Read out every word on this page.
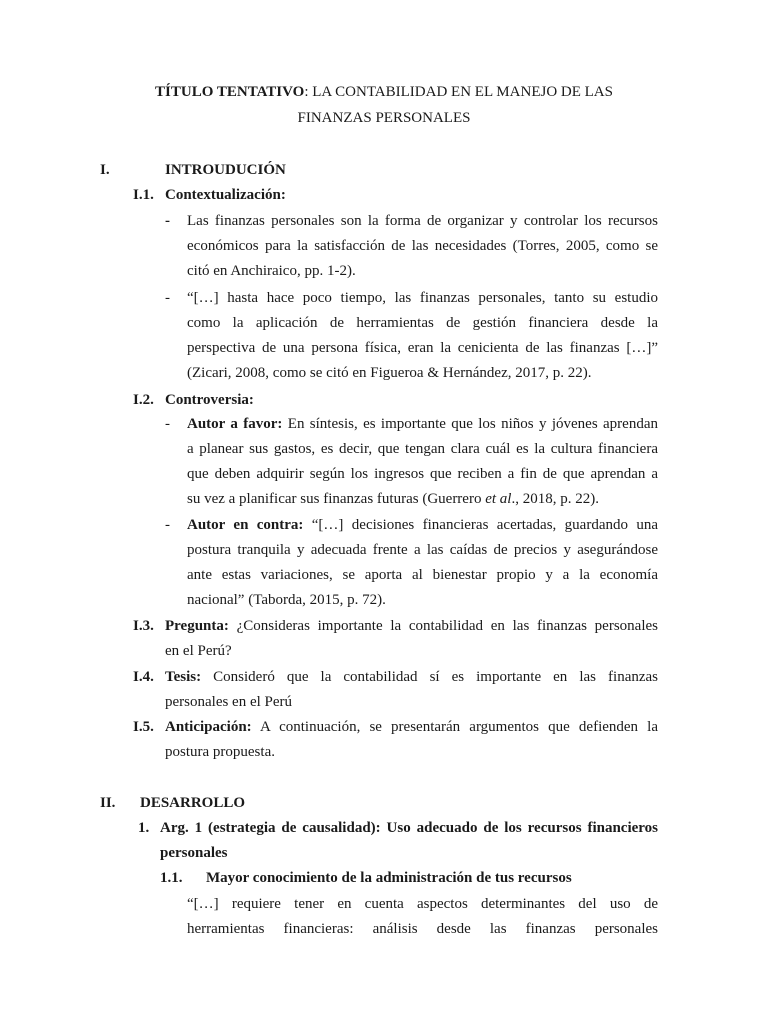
TÍTULO TENTATIVO: LA CONTABILIDAD EN EL MANEJO DE LAS
FINANZAS PERSONALES
I.	INTROUDUCIÓN
I.1. Contextualización:
- Las finanzas personales son la forma de organizar y controlar los recursos
económicos para la satisfacción de las necesidades (Torres, 2005, como se
citó en Anchiraico, pp. 1-2).
- “[…] hasta hace poco tiempo, las finanzas personales, tanto su estudio
como la aplicación de herramientas de gestión financiera desde la
perspectiva de una persona física, eran la cenicienta de las finanzas […]”
(Zicari, 2008, como se citó en Figueroa & Hernández, 2017, p. 22).
I.2. Controversia:
- Autor a favor: En síntesis, es importante que los niños y jóvenes aprendan
a planear sus gastos, es decir, que tengan clara cuál es la cultura financiera
que deben adquirir según los ingresos que reciben a fin de que aprendan a
su vez a planificar sus finanzas futuras (Guerrero et al., 2018, p. 22).
- Autor en contra: “[…] decisiones financieras acertadas, guardando una
postura tranquila y adecuada frente a las caídas de precios y asegurándose
ante estas variaciones, se aporta al bienestar propio y a la economía
nacional” (Taborda, 2015, p. 72).
I.3. Pregunta: ¿Consideras importante la contabilidad en las finanzas personales
en el Perú?
I.4. Tesis: Consideró que la contabilidad sí es importante en las finanzas
personales en el Perú
I.5. Anticipación: A continuación, se presentarán argumentos que defienden la
postura propuesta.
II. DESARROLLO
1. Arg. 1 (estrategia de causalidad): Uso adecuado de los recursos financieros
personales
1.1. Mayor conocimiento de la administración de tus recursos
“[…] requiere tener en cuenta aspectos determinantes del uso de
herramientas financieras: análisis desde las finanzas personales
